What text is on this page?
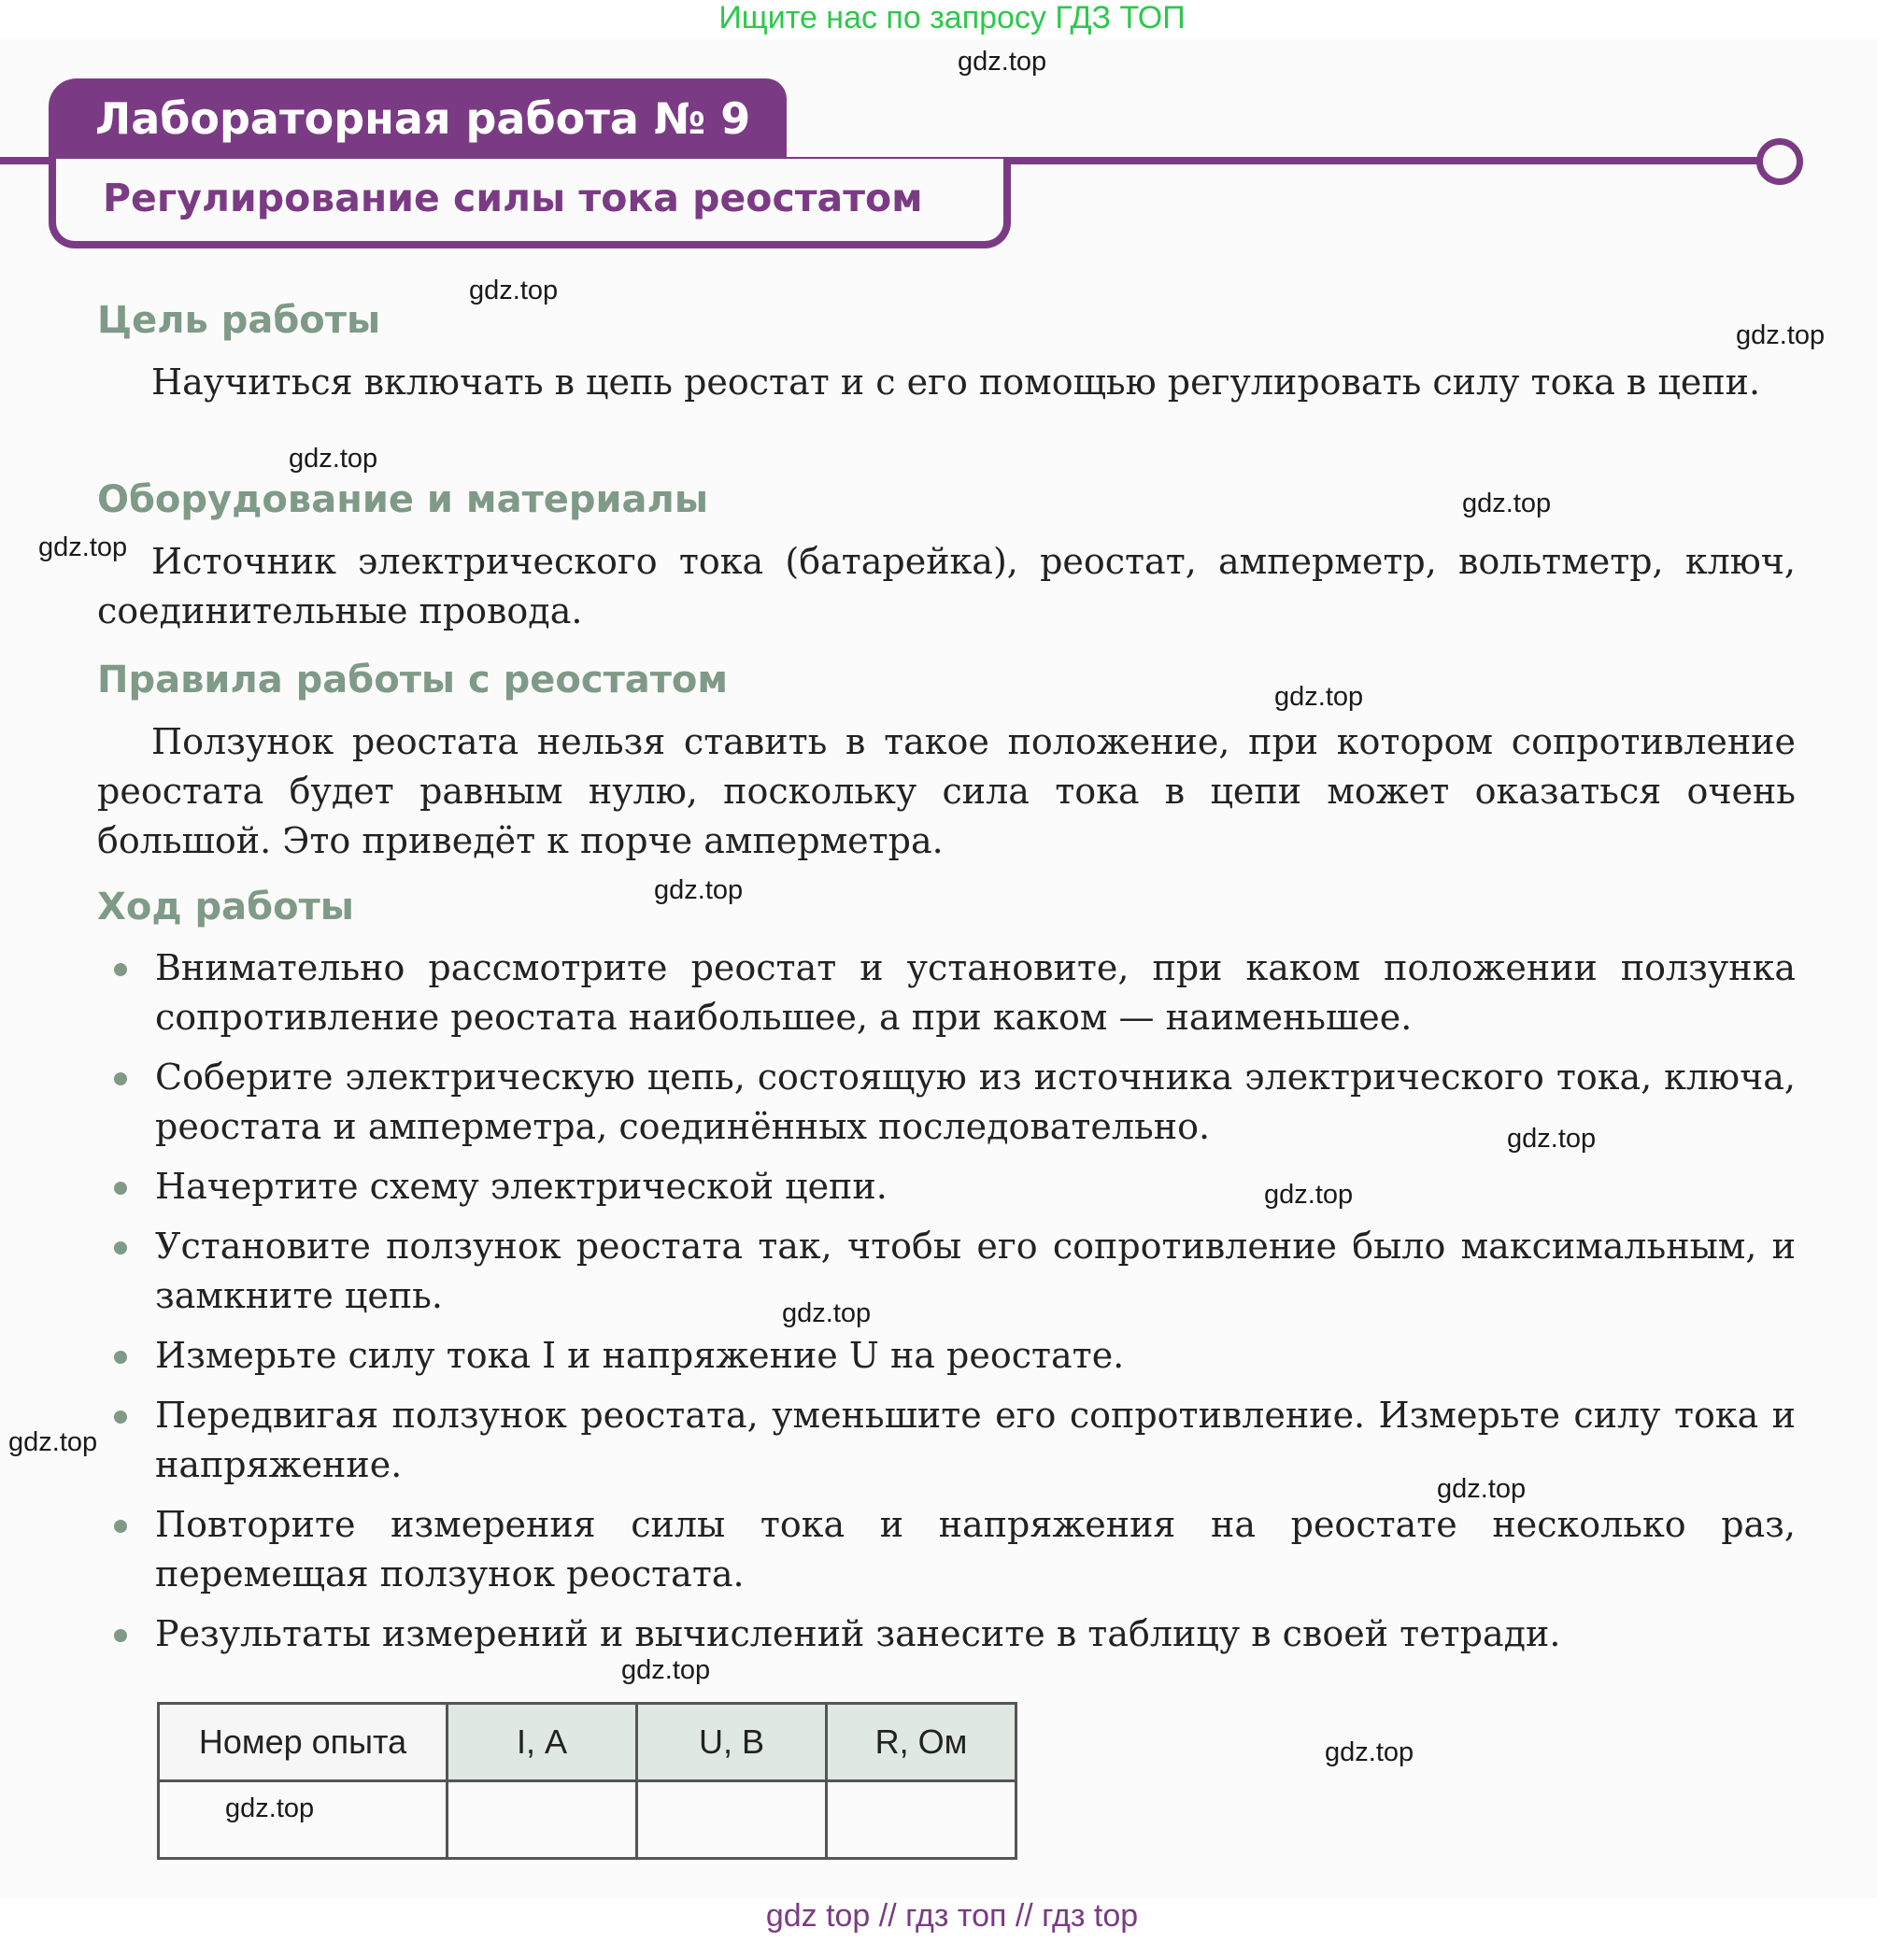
Ищите нас по запросу ГДЗ ТОП
Лабораторная работа № 9
Регулирование силы тока реостатом
Цель работы
Научиться включать в цепь реостат и с его помощью регулировать силу тока в цепи.
Оборудование и материалы
Источник электрического тока (батарейка), реостат, амперметр, вольтметр, ключ, соединительные провода.
Правила работы с реостатом
Ползунок реостата нельзя ставить в такое положение, при котором сопротивление реостата будет равным нулю, поскольку сила тока в цепи может оказаться очень большой. Это приведёт к порче амперметра.
Ход работы
Внимательно рассмотрите реостат и установите, при каком положении ползунка сопротивление реостата наибольшее, а при каком — наименьшее.
Соберите электрическую цепь, состоящую из источника электрического тока, ключа, реостата и амперметра, соединённых последовательно.
Начертите схему электрической цепи.
Установите ползунок реостата так, чтобы его сопротивление было максимальным, и замкните цепь.
Измерьте силу тока I и напряжение U на реостате.
Передвигая ползунок реостата, уменьшите его сопротивление. Измерьте силу тока и напряжение.
Повторите измерения силы тока и напряжения на реостате несколько раз, перемещая ползунок реостата.
Результаты измерений и вычислений занесите в таблицу в своей тетради.
Номер опыта	I, А	U, В	R, Ом

gdz.top
gdz.top
gdz.top
gdz.top
gdz.top
gdz.top
gdz.top
gdz.top
gdz.top
gdz.top
gdz.top
gdz.top
gdz.top
gdz.top
gdz.top
gdz.top
gdz top // гдз топ // гдз top
